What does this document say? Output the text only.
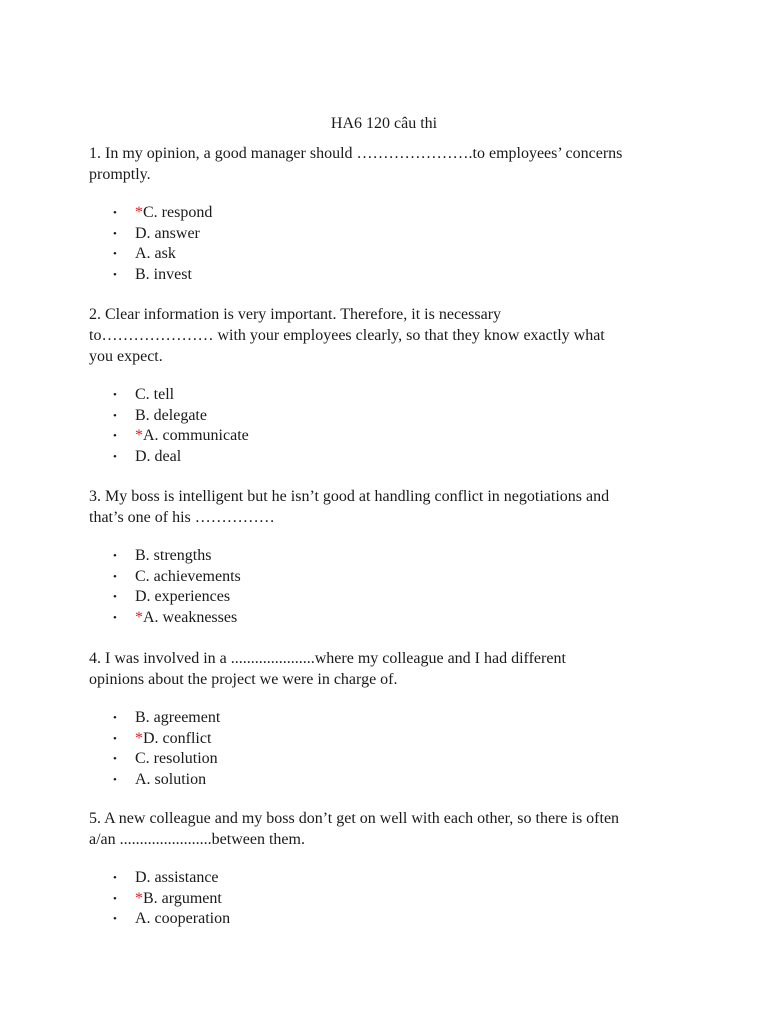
HA6 120 câu thi

1. In my opinion, a good manager should ………………….to employees’ concerns
promptly.

• *C. respond
• D. answer
• A. ask
• B. invest

2. Clear information is very important. Therefore, it is necessary
to………………… with your employees clearly, so that they know exactly what
you expect.

• C. tell
• B. delegate
• *A. communicate
• D. deal

3. My boss is intelligent but he isn’t good at handling conflict in negotiations and
that’s one of his ……………

• B. strengths
• C. achievements
• D. experiences
• *A. weaknesses

4. I was involved in a .....................where my colleague and I had different
opinions about the project we were in charge of.

• B. agreement
• *D. conflict
• C. resolution
• A. solution

5. A new colleague and my boss don’t get on well with each other, so there is often
a/an .......................between them.

• D. assistance
• *B. argument
• A. cooperation
